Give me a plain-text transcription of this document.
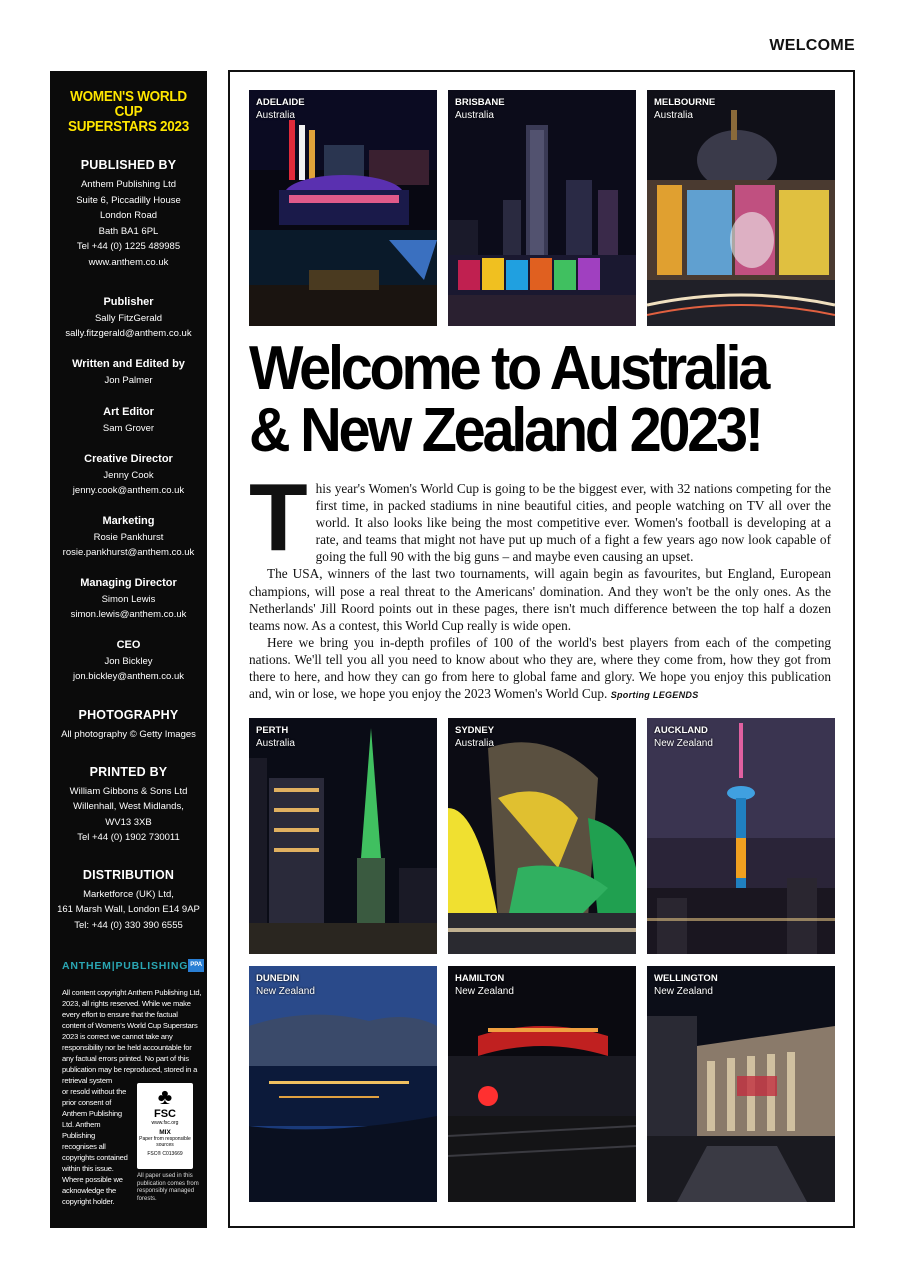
WELCOME
WOMEN'S WORLD CUP
SUPERSTARS 2023
PUBLISHED BY
Anthem Publishing Ltd
Suite 6, Piccadilly House
London Road
Bath BA1 6PL
Tel +44 (0) 1225 489985
www.anthem.co.uk
Publisher
Sally FitzGerald
sally.fitzgerald@anthem.co.uk
Written and Edited by
Jon Palmer
Art Editor
Sam Grover
Creative Director
Jenny Cook
jenny.cook@anthem.co.uk
Marketing
Rosie Pankhurst
rosie.pankhurst@anthem.co.uk
Managing Director
Simon Lewis
simon.lewis@anthem.co.uk
CEO
Jon Bickley
jon.bickley@anthem.co.uk
PHOTOGRAPHY
All photography © Getty Images
PRINTED BY
William Gibbons & Sons Ltd
Willenhall, West Midlands,
WV13 3XB
Tel +44 (0) 1902 730011
DISTRIBUTION
Marketforce (UK) Ltd,
161 Marsh Wall, London E14 9AP
Tel: +44 (0) 330 390 6555
ANTHEM|PUBLISHING PPA
All content copyright Anthem Publishing Ltd, 2023, all rights reserved. While we make every effort to ensure that the factual content of Women's World Cup Superstars 2023 is correct we cannot take any responsibility nor be held accountable for any factual errors printed. No part of this publication may be reproduced, stored in a retrieval system
or resold without the prior consent of Anthem Publishing Ltd. Anthem Publishing recognises all copyrights contained within this issue. Where possible we acknowledge the copyright holder.
♣
FSC
www.fsc.org
MIX
Paper from responsible sources
FSC® C013669
All paper used in this publication comes from responsibly managed forests.
ADELAIDE
Australia
BRISBANE
Australia
MELBOURNE
Australia
Welcome to Australia
& New Zealand 2023!

This year's Women's World Cup is going to be the biggest ever, with 32 nations competing for the first time, in packed stadiums in nine beautiful cities, and people watching on TV all over the world. It also looks like being the most competitive ever. Women's football is developing at a rate, and teams that might not have put up much of a fight a few years ago now look capable of going the full 90 with the big guns – and maybe even causing an upset.

The USA, winners of the last two tournaments, will again begin as favourites, but England, European champions, will pose a real threat to the Americans' domination. And they won't be the only ones. As the Netherlands' Jill Roord points out in these pages, there isn't much difference between the top half a dozen teams now. As a contest, this World Cup really is wide open.

Here we bring you in-depth profiles of 100 of the world's best players from each of the competing nations. We'll tell you all you need to know about who they are, where they come from, how they got from there to here, and how they can go from here to global fame and glory. We hope you enjoy this publication and, win or lose, we hope you enjoy the 2023 Women's World Cup. Sporting LEGENDS

PERTH
Australia
SYDNEY
Australia
AUCKLAND
New Zealand
DUNEDIN
New Zealand
HAMILTON
New Zealand
WELLINGTON
New Zealand
